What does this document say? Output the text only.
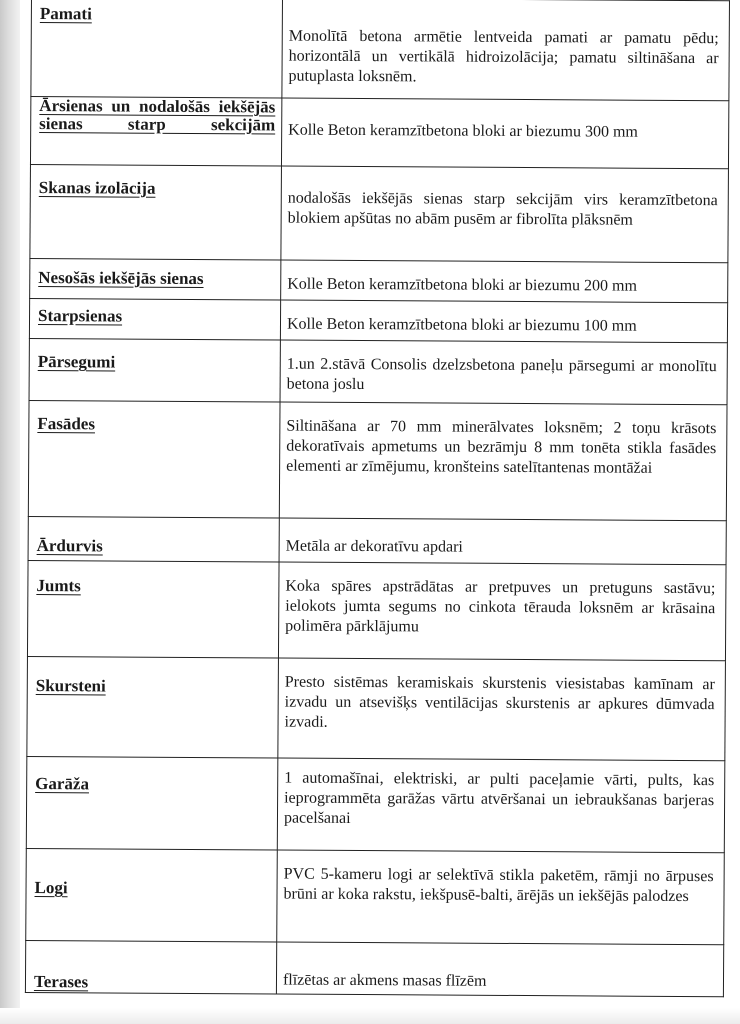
Pamati	Monolītā betona armētie lentveida pamati ar pamatu pēdu; horizontālā un vertikālā hidroizolācija; pamatu siltināšana ar putuplasta loksnēm.

Ārsienas un nodalošās iekšējās sienas starp sekcijām	Kolle Beton keramzītbetona bloki ar biezumu 300 mm

Skanas izolācija	nodalošās iekšējās sienas starp sekcijām virs keramzītbetona blokiem apšūtas no abām pusēm ar fibrolīta plāksnēm

Nesošās iekšējās sienas	Kolle Beton keramzītbetona bloki ar biezumu 200 mm

Starpsienas	Kolle Beton keramzītbetona bloki ar biezumu 100 mm

Pārsegumi	1.un 2.stāvā Consolis dzelzsbetona paneļu pārsegumi ar monolītu betona joslu

Fasādes	Siltināšana ar 70 mm minerālvates loksnēm; 2 toņu krāsots dekoratīvais apmetums un bezrāmju 8 mm tonēta stikla fasādes elementi ar zīmējumu, kronšteins satelītantenas montāžai

Ārdurvis	Metāla ar dekoratīvu apdari

Jumts	Koka spāres apstrādātas ar pretpuves un pretuguns sastāvu; ielokots jumta segums no cinkota tērauda loksnēm ar krāsaina polimēra pārklājumu

Skursteni	Presto sistēmas keramiskais skurstenis viesistabas kamīnam ar izvadu un atsevišķs ventilācijas skurstenis ar apkures dūmvada izvadi.

Garāža	1 automašīnai, elektriski, ar pulti paceļamie vārti, pults, kas ieprogrammēta garāžas vārtu atvēršanai un iebraukšanas barjeras pacelšanai

Logi	PVC 5-kameru logi ar selektīvā stikla paketēm, rāmji no ārpuses brūni ar koka rakstu, iekšpusē-balti, ārējās un iekšējās palodzes

Terases	flīzētas ar akmens masas flīzēm
